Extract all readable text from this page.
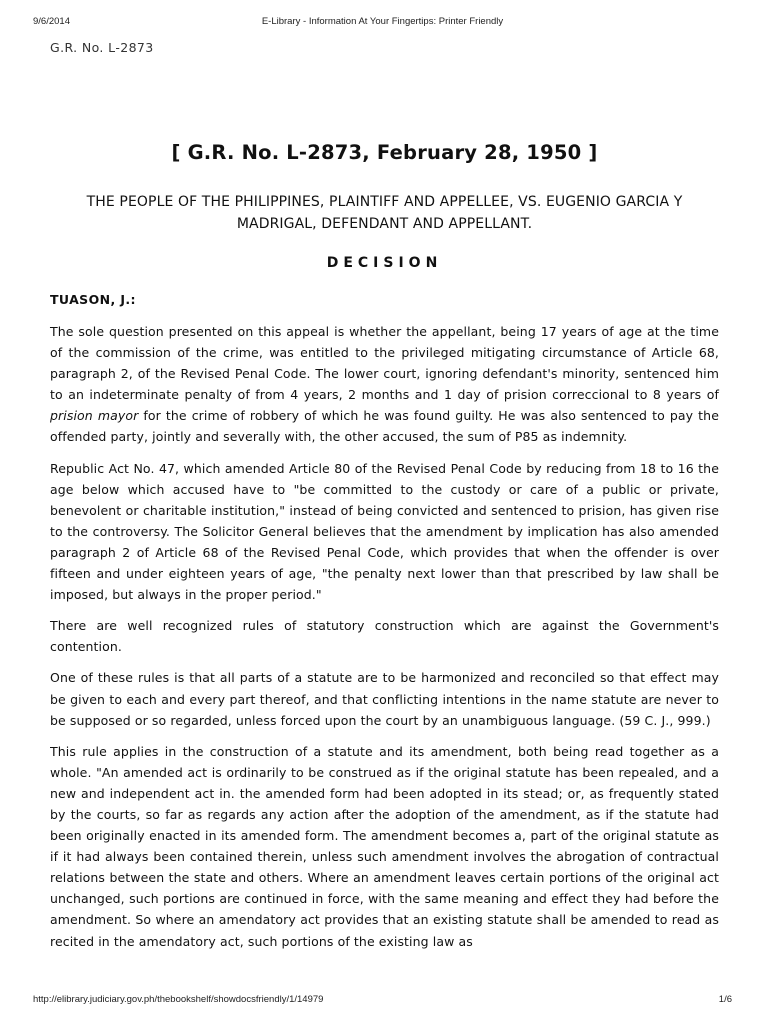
9/6/2014	E-Library - Information At Your Fingertips: Printer Friendly
G.R. No. L-2873
[ G.R. No. L-2873, February 28, 1950 ]
THE PEOPLE OF THE PHILIPPINES, PLAINTIFF AND APPELLEE, VS. EUGENIO GARCIA Y MADRIGAL, DEFENDANT AND APPELLANT.
DECISION
TUASON, J.:

The sole question presented on this appeal is whether the appellant, being 17 years of age at the time of the commission of the crime, was entitled to the privileged mitigating circumstance of Article 68, paragraph 2, of the Revised Penal Code. The lower court, ignoring defendant's minority, sentenced him to an indeterminate penalty of from 4 years, 2 months and 1 day of prision correccional to 8 years of prision mayor for the crime of robbery of which he was found guilty. He was also sentenced to pay the offended party, jointly and severally with, the other accused, the sum of P85 as indemnity.

Republic Act No. 47, which amended Article 80 of the Revised Penal Code by reducing from 18 to 16 the age below which accused have to "be committed to the custody or care of a public or private, benevolent or charitable institution," instead of being convicted and sentenced to prision, has given rise to the controversy. The Solicitor General believes that the amendment by implication has also amended paragraph 2 of Article 68 of the Revised Penal Code, which provides that when the offender is over fifteen and under eighteen years of age, "the penalty next lower than that prescribed by law shall be imposed, but always in the proper period."

There are well recognized rules of statutory construction which are against the Government's contention.

One of these rules is that all parts of a statute are to be harmonized and reconciled so that effect may be given to each and every part thereof, and that conflicting intentions in the name statute are never to be supposed or so regarded, unless forced upon the court by an unambiguous language. (59 C. J., 999.)

This rule applies in the construction of a statute and its amendment, both being read together as a whole. "An amended act is ordinarily to be construed as if the original statute has been repealed, and a new and independent act in. the amended form had been adopted in its stead; or, as frequently stated by the courts, so far as regards any action after the adoption of the amendment, as if the statute had been originally enacted in its amended form. The amendment becomes a, part of the original statute as if it had always been contained therein, unless such amendment involves the abrogation of contractual relations between the state and others. Where an amendment leaves certain portions of the original act unchanged, such portions are continued in force, with the same meaning and effect they had before the amendment. So where an amendatory act provides that an existing statute shall be amended to read as recited in the amendatory act, such portions of the existing law as

http://elibrary.judiciary.gov.ph/thebookshelf/showdocsfriendly/1/14979	1/6
